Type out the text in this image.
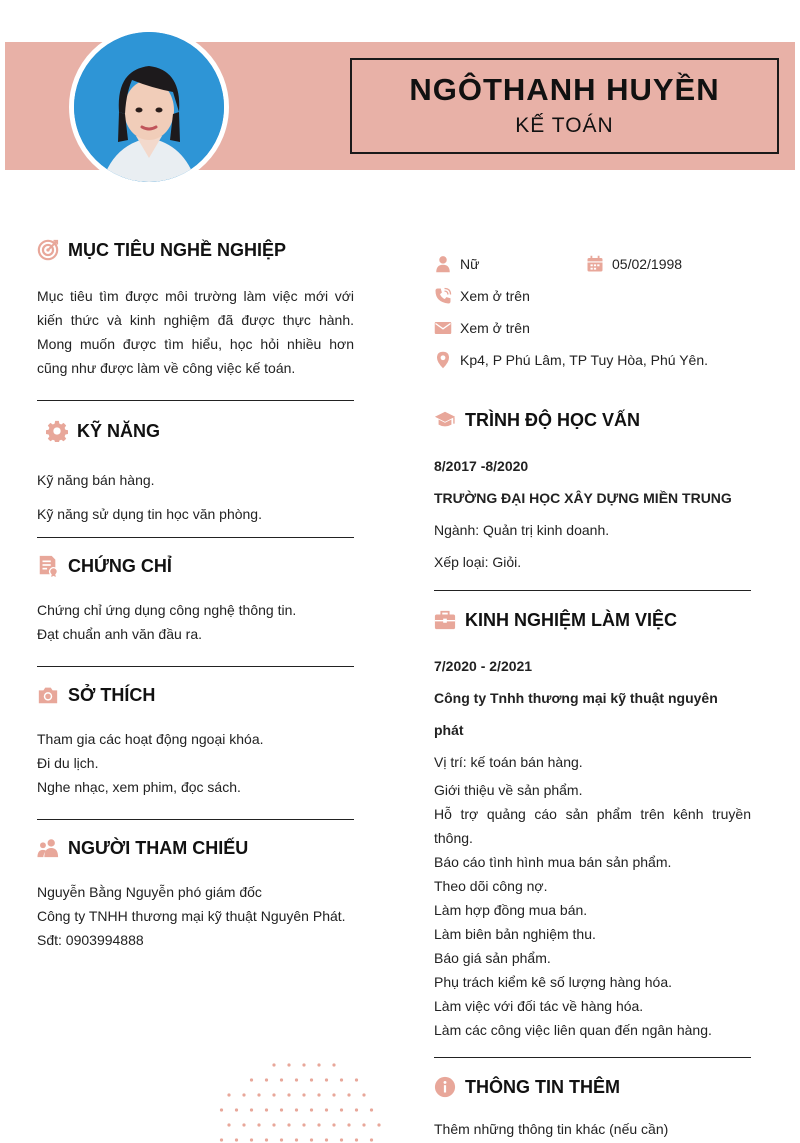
NGÔTHANH HUYỀN
KẾ TOÁN
MỤC TIÊU NGHỀ NGHIỆP
Mục tiêu tìm được môi trường làm việc mới với kiến thức và kinh nghiệm đã được thực hành. Mong muốn được tìm hiểu, học hỏi nhiều hơn cũng như được làm về công việc kế toán.
KỸ NĂNG
Kỹ năng bán hàng.
Kỹ năng sử dụng tin học văn phòng.
CHỨNG CHỈ
Chứng chỉ ứng dụng công nghệ thông tin.
Đạt chuẩn anh văn đầu ra.
SỞ THÍCH
Tham gia các hoạt động ngoại khóa.
Đi du lịch.
Nghe nhạc, xem phim, đọc sách.
NGƯỜI THAM CHIẾU
Nguyễn Bằng Nguyễn phó giám đốc
Công ty TNHH thương mại kỹ thuật Nguyên Phát.
Sđt: 0903994888
Nữ	05/02/1998
Xem ở trên
Xem ở trên
Kp4, P Phú Lâm, TP Tuy Hòa, Phú Yên.
TRÌNH ĐỘ HỌC VẤN
8/2017 -8/2020
TRƯỜNG ĐẠI HỌC XÂY DỰNG MIỀN TRUNG
Ngành: Quản trị kinh doanh.
Xếp loại: Giỏi.
KINH NGHIỆM LÀM VIỆC
7/2020 - 2/2021
Công ty Tnhh thương mại kỹ thuật nguyên phát
Vị trí: kế toán bán hàng.
Giới thiệu về sản phẩm.
Hỗ trợ quảng cáo sản phẩm trên kênh truyền thông.
Báo cáo tình hình mua bán sản phẩm.
Theo dõi công nợ.
Làm hợp đồng mua bán.
Làm biên bản nghiệm thu.
Báo giá sản phẩm.
Phụ trách kiểm kê số lượng hàng hóa.
Làm việc với đối tác về hàng hóa.
Làm các công việc liên quan đến ngân hàng.
THÔNG TIN THÊM
Thêm những thông tin khác (nếu cần)
